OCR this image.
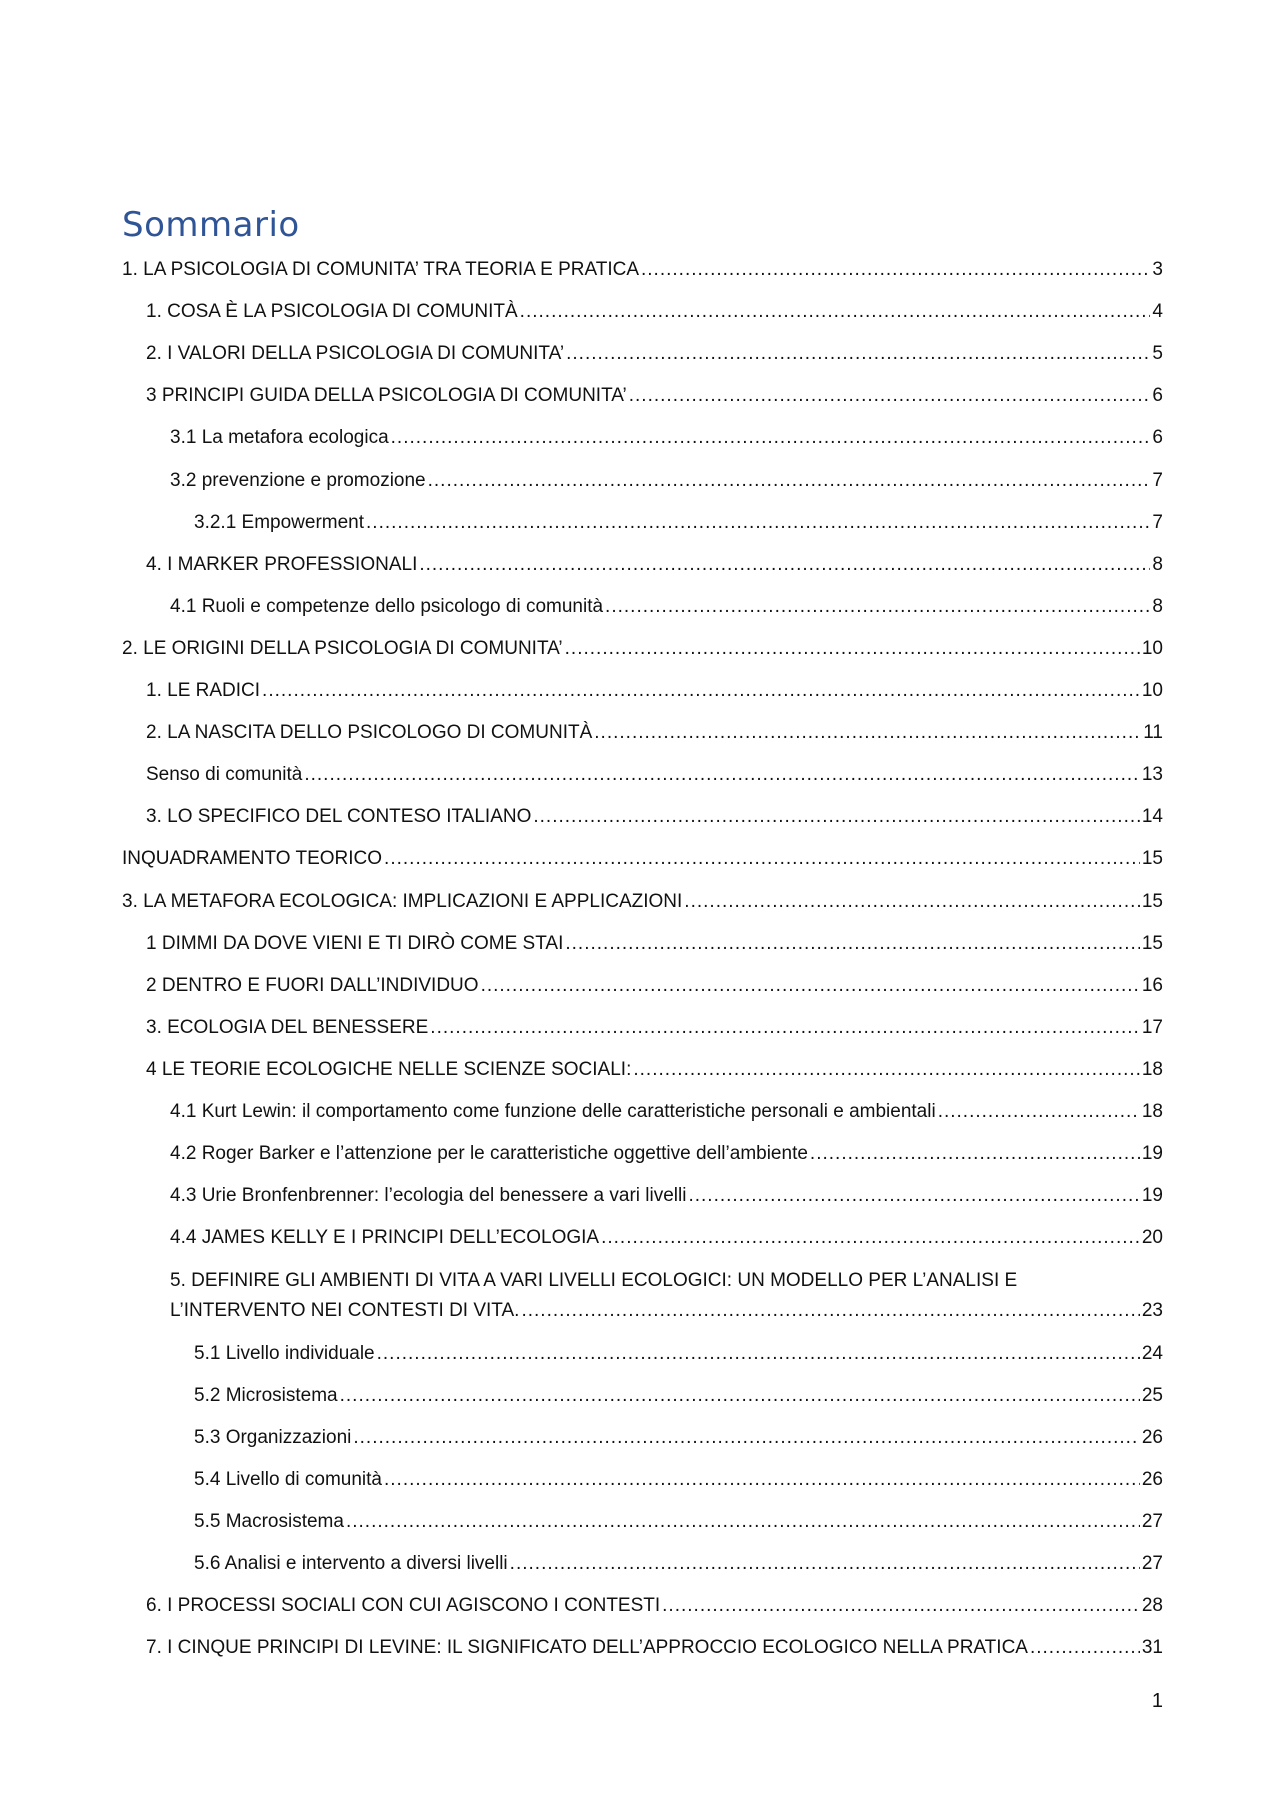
Sommario
1. LA PSICOLOGIA DI COMUNITA’ TRA TEORIA E PRATICA .....	3
1. COSA È LA PSICOLOGIA DI COMUNITÀ .....	4
2. I VALORI DELLA PSICOLOGIA DI COMUNITA’ .....	5
3 PRINCIPI GUIDA DELLA PSICOLOGIA DI COMUNITA’ .....	6
3.1 La metafora ecologica .....	6
3.2 prevenzione e promozione .....	7
3.2.1 Empowerment .....	7
4. I MARKER PROFESSIONALI .....	8
4.1 Ruoli e competenze dello psicologo di comunità .....	8
2. LE ORIGINI DELLA PSICOLOGIA DI COMUNITA’ .....	10
1. LE RADICI .....	10
2. LA NASCITA DELLO PSICOLOGO DI COMUNITÀ .....	11
Senso di comunità .....	13
3. LO SPECIFICO DEL CONTESO ITALIANO .....	14
INQUADRAMENTO TEORICO .....	15
3. LA METAFORA ECOLOGICA: IMPLICAZIONI E APPLICAZIONI .....	15
1 DIMMI DA DOVE VIENI E TI DIRÒ COME STAI .....	15
2 DENTRO E FUORI DALL’INDIVIDUO .....	16
3. ECOLOGIA DEL BENESSERE .....	17
4 LE TEORIE ECOLOGICHE NELLE SCIENZE SOCIALI: .....	18
4.1 Kurt Lewin: il comportamento come funzione delle caratteristiche personali e ambientali .....	18
4.2 Roger Barker e l’attenzione per le caratteristiche oggettive dell’ambiente .....	19
4.3 Urie Bronfenbrenner: l’ecologia del benessere a vari livelli .....	19
4.4 JAMES KELLY E I PRINCIPI DELL’ECOLOGIA .....	20
5. DEFINIRE GLI AMBIENTI DI VITA A VARI LIVELLI ECOLOGICI: UN MODELLO PER L’ANALISI E
L’INTERVENTO NEI CONTESTI DI VITA. .....	23
5.1 Livello individuale .....	24
5.2 Microsistema .....	25
5.3 Organizzazioni .....	26
5.4 Livello di comunità .....	26
5.5 Macrosistema .....	27
5.6 Analisi e intervento a diversi livelli .....	27
6. I PROCESSI SOCIALI CON CUI AGISCONO I CONTESTI .....	28
7. I CINQUE PRINCIPI DI LEVINE: IL SIGNIFICATO DELL’APPROCCIO ECOLOGICO NELLA PRATICA .....	31
1
